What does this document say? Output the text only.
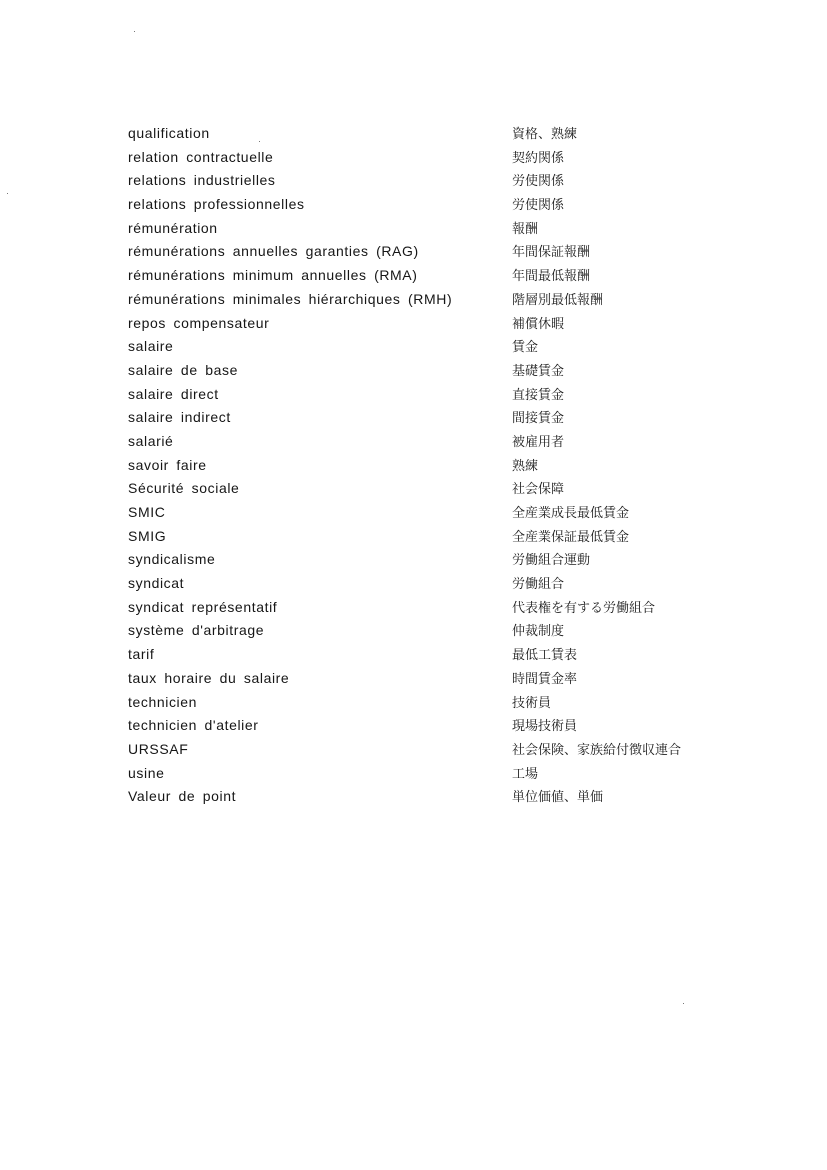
qualification	資格、熟練
relation contractuelle	契約関係
relations industrielles	労使関係
relations professionnelles	労使関係
rémunération	報酬
rémunérations annuelles garanties (RAG)	年間保証報酬
rémunérations minimum annuelles (RMA)	年間最低報酬
rémunérations minimales hiérarchiques (RMH)	階層別最低報酬
repos compensateur	補償休暇
salaire	賃金
salaire de base	基礎賃金
salaire direct	直接賃金
salaire indirect	間接賃金
salarié	被雇用者
savoir faire	熟練
Sécurité sociale	社会保障
SMIC	全産業成長最低賃金
SMIG	全産業保証最低賃金
syndicalisme	労働組合運動
syndicat	労働組合
syndicat représentatif	代表権を有する労働組合
système d'arbitrage	仲裁制度
tarif	最低工賃表
taux horaire du salaire	時間賃金率
technicien	技術員
technicien d'atelier	現場技術員
URSSAF	社会保険、家族給付徴収連合
usine	工場
Valeur de point	単位価値、単価
